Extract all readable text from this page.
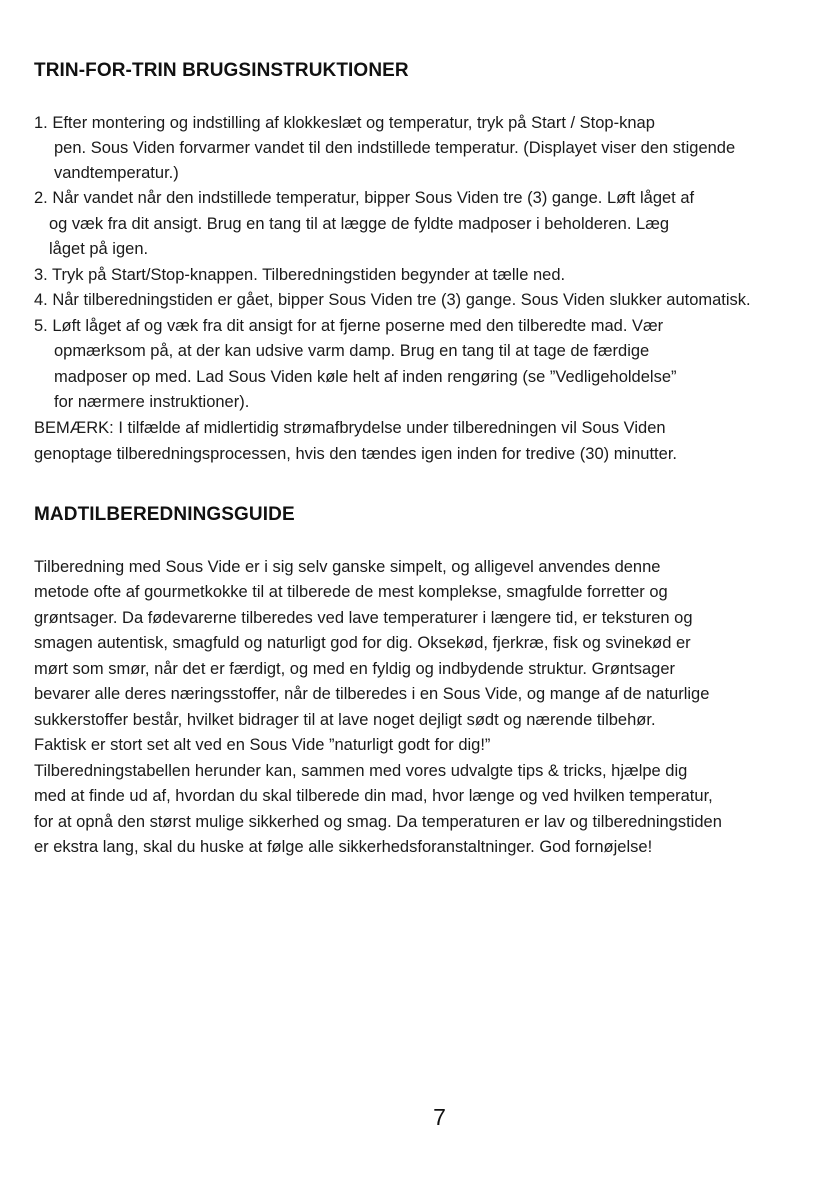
TRIN-FOR-TRIN BRUGSINSTRUKTIONER

1. Efter montering og indstilling af klokkeslæt og temperatur, tryk på Start / Stop-knap

pen. Sous Viden forvarmer vandet til den indstillede temperatur. (Displayet viser den stigende

vandtemperatur.)

2. Når vandet når den indstillede temperatur, bipper Sous Viden tre (3) gange. Løft låget af

og væk fra dit ansigt. Brug en tang til at lægge de fyldte madposer i beholderen. Læg

låget på igen.

3. Tryk på Start/Stop-knappen. Tilberedningstiden begynder at tælle ned.

4. Når tilberedningstiden er gået, bipper Sous Viden tre (3) gange. Sous Viden slukker automatisk.

5. Løft låget af og væk fra dit ansigt for at fjerne poserne med den tilberedte mad. Vær

opmærksom på, at der kan udsive varm damp. Brug en tang til at tage de færdige

madposer op med. Lad Sous Viden køle helt af inden rengøring (se ”Vedligeholdelse”

for nærmere instruktioner).

BEMÆRK: I tilfælde af midlertidig strømafbrydelse under tilberedningen vil Sous Viden

genoptage tilberedningsprocessen, hvis den tændes igen inden for tredive (30) minutter.

MADTILBEREDNINGSGUIDE

Tilberedning med Sous Vide er i sig selv ganske simpelt, og alligevel anvendes denne

metode ofte af gourmetkokke til at tilberede de mest komplekse, smagfulde forretter og

grøntsager. Da fødevarerne tilberedes ved lave temperaturer i længere tid, er teksturen og

smagen autentisk, smagfuld og naturligt god for dig. Oksekød, fjerkræ, fisk og svinekød er

mørt som smør, når det er færdigt, og med en fyldig og indbydende struktur. Grøntsager

bevarer alle deres næringsstoffer, når de tilberedes i en Sous Vide, og mange af de naturlige

sukkerstoffer består, hvilket bidrager til at lave noget dejligt sødt og nærende tilbehør.

Faktisk er stort set alt ved en Sous Vide ”naturligt godt for dig!”

Tilberedningstabellen herunder kan, sammen med vores udvalgte tips & tricks, hjælpe dig

med at finde ud af, hvordan du skal tilberede din mad, hvor længe og ved hvilken temperatur,

for at opnå den størst mulige sikkerhed og smag. Da temperaturen er lav og tilberedningstiden

er ekstra lang, skal du huske at følge alle sikkerhedsforanstaltninger. God fornøjelse!

7
